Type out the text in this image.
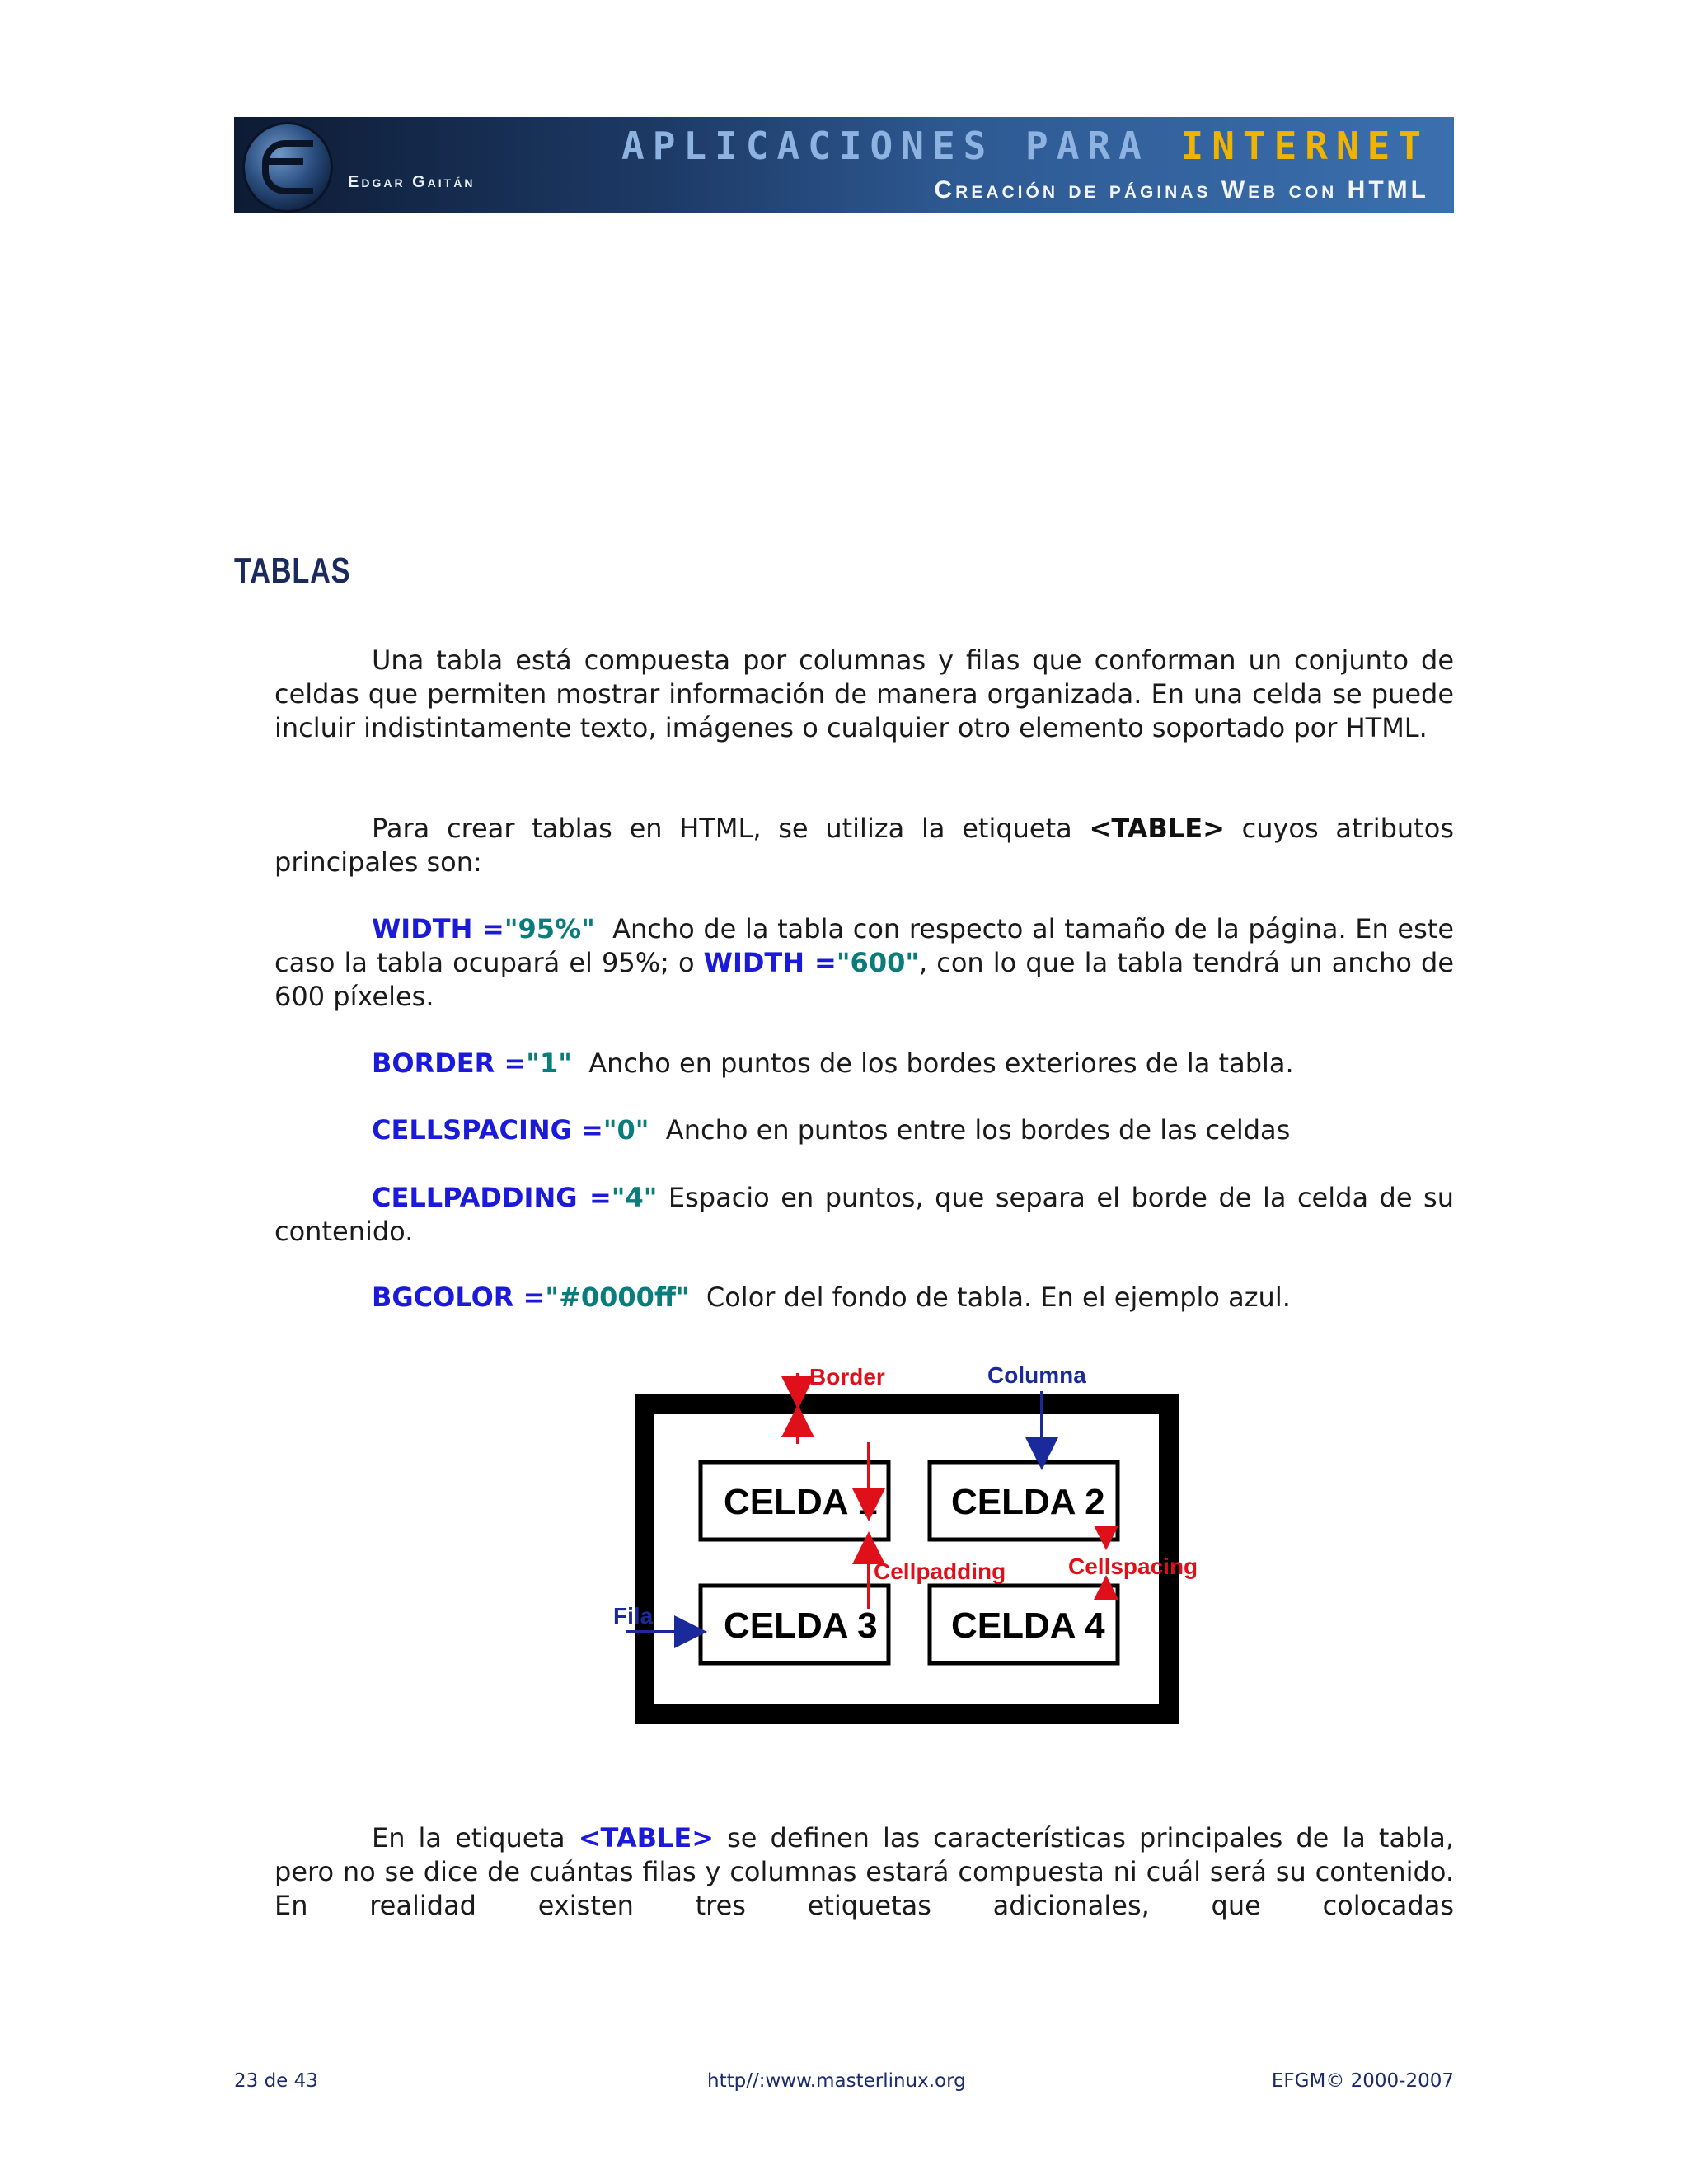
APLICACIONES PARA INTERNET
Edgar Gaitán	Creación de páginas Web con HTML
TABLAS

Una tabla está compuesta por columnas y filas que conforman un conjunto de celdas que permiten mostrar información de manera organizada. En una celda se puede incluir indistintamente texto, imágenes o cualquier otro elemento soportado por HTML.

Para crear tablas en HTML, se utiliza la etiqueta <TABLE> cuyos atributos principales son:

WIDTH ="95%" Ancho de la tabla con respecto al tamaño de la página. En este caso la tabla ocupará el 95%; o WIDTH ="600", con lo que la tabla tendrá un ancho de 600 píxeles.

BORDER ="1" Ancho en puntos de los bordes exteriores de la tabla.

CELLSPACING ="0" Ancho en puntos entre los bordes de las celdas

CELLPADDING ="4" Espacio en puntos, que separa el borde de la celda de su contenido.

BGCOLOR ="#0000ff" Color del fondo de tabla. En el ejemplo azul.

CELDA 1 CELDA 2
CELDA 3 CELDA 4
Border	Columna
Cellpadding	Cellspacing
Fila

En la etiqueta <TABLE> se definen las características principales de la tabla, pero no se dice de cuántas filas y columnas estará compuesta ni cuál será su contenido. En realidad existen tres etiquetas adicionales, que colocadas

23 de 43	http//:www.masterlinux.org	EFGM© 2000-2007
